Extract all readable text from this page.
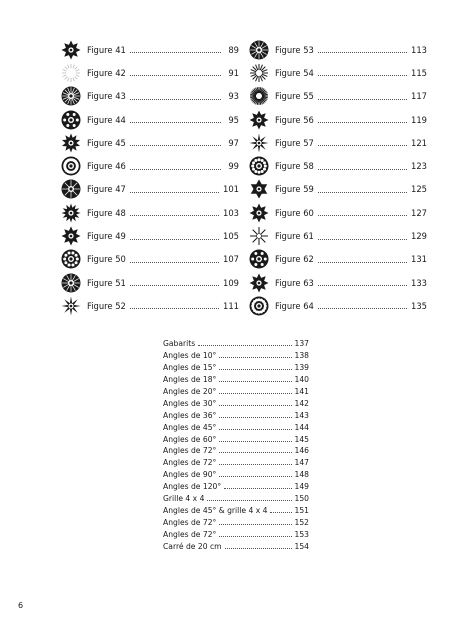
Figure 41	89
Figure 42	91
Figure 43	93
Figure 44	95
Figure 45	97
Figure 46	99
Figure 47	101
Figure 48	103
Figure 49	105
Figure 50	107
Figure 51	109
Figure 52	111
Figure 53	113
Figure 54	115
Figure 55	117
Figure 56	119
Figure 57	121
Figure 58	123
Figure 59	125
Figure 60	127
Figure 61	129
Figure 62	131
Figure 63	133
Figure 64	135
Gabarits	137
Angles de 10°	138
Angles de 15°	139
Angles de 18°	140
Angles de 20°	141
Angles de 30°	142
Angles de 36°	143
Angles de 45°	144
Angles de 60°	145
Angles de 72°	146
Angles de 72°	147
Angles de 90°	148
Angles de 120°	149
Grille 4 x 4	150
Angles de 45° & grille 4 x 4	151
Angles de 72°	152
Angles de 72°	153
Carré de 20 cm	154
6
